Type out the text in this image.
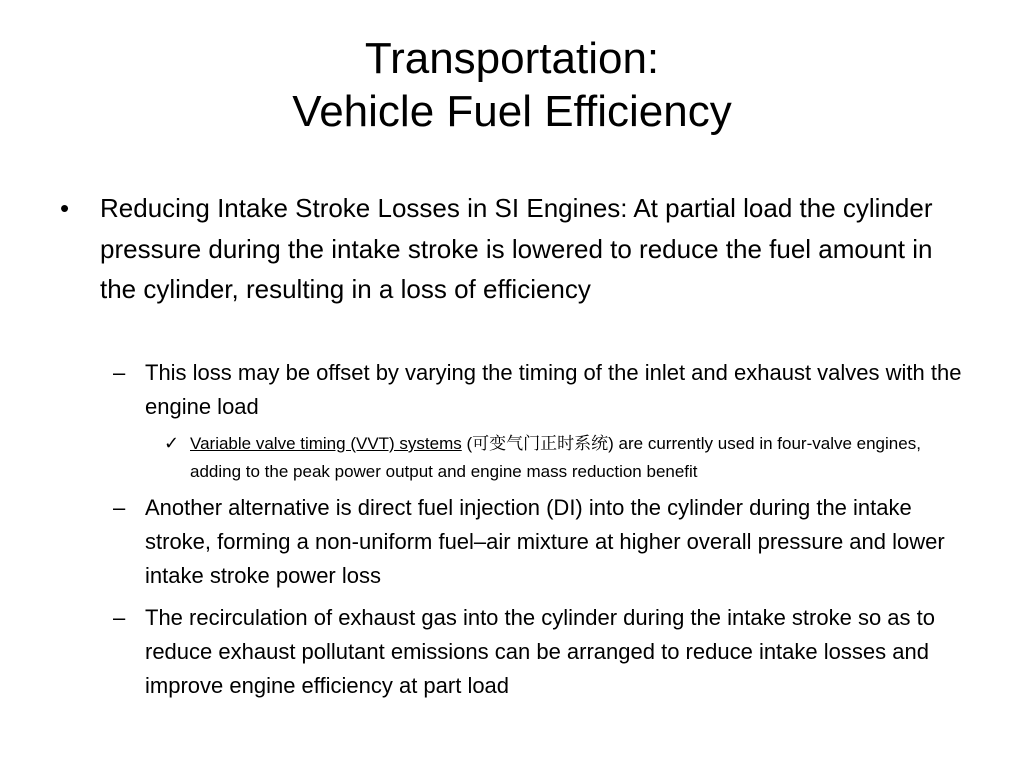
Transportation:
Vehicle Fuel Efficiency
• Reducing Intake Stroke Losses in SI Engines: At partial load the cylinder pressure during the intake stroke is lowered to reduce the fuel amount in the cylinder, resulting in a loss of efficiency
– This loss may be offset by varying the timing of the inlet and exhaust valves with the engine load
✓ Variable valve timing (VVT) systems (可变气门正时系统) are currently used in four-valve engines, adding to the peak power output and engine mass reduction benefit
– Another alternative is direct fuel injection (DI) into the cylinder during the intake stroke, forming a non-uniform fuel–air mixture at higher overall pressure and lower intake stroke power loss
– The recirculation of exhaust gas into the cylinder during the intake stroke so as to reduce exhaust pollutant emissions can be arranged to reduce intake losses and improve engine efficiency at part load
